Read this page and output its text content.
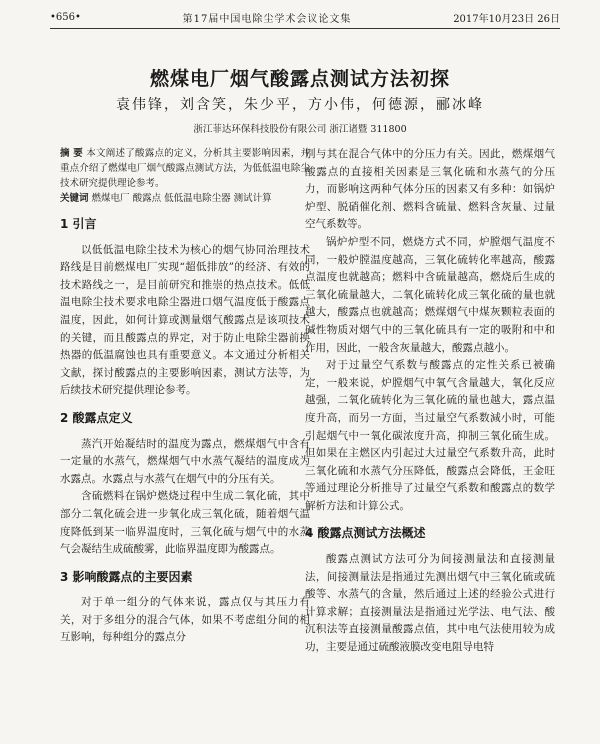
•656•	第17届中国电除尘学术会议论文集	2017年10月23日 26日
燃煤电厂烟气酸露点测试方法初探
袁伟锋，刘含笑，朱少平，方小伟，何德源，郦冰峰
浙江菲达环保科技股份有限公司 浙江诸暨 311800

摘 要 本文阐述了酸露点的定义，分析其主要影响因素，并重点介绍了燃煤电厂烟气酸露点测试方法，为低低温电除尘技术研究提供理论参考。

关键词 燃煤电厂 酸露点 低低温电除尘器 测试计算

1 引言

以低低温电除尘技术为核心的烟气协同治理技术路线是目前燃煤电厂实现“超低排放”的经济、有效的技术路线之一，是目前研究和推崇的热点技术。低低温电除尘技术要求电除尘器进口烟气温度低于酸露点温度，因此，如何计算或测量烟气酸露点是该项技术的关键，而且酸露点的界定，对于防止电除尘器前换热器的低温腐蚀也具有重要意义。本文通过分析相关文献，探讨酸露点的主要影响因素，测试方法等，为后续技术研究提供理论参考。

2 酸露点定义

蒸汽开始凝结时的温度为露点，燃煤烟气中含有一定量的水蒸气，燃煤烟气中水蒸气凝结的温度成为水露点。水露点与水蒸气在烟气中的分压有关。

含硫燃料在锅炉燃烧过程中生成二氧化硫，其中部分二氧化硫会进一步氧化成三氧化硫，随着烟气温度降低到某一临界温度时，三氧化硫与烟气中的水蒸气会凝结生成硫酸雾，此临界温度即为酸露点。

3 影响酸露点的主要因素

对于单一组分的气体来说，露点仅与其压力有关，对于多组分的混合气体，如果不考虑组分间的相互影响，每种组分的露点分

别与其在混合气体中的分压力有关。因此，燃煤烟气酸露点的直接相关因素是三氧化硫和水蒸气的分压力，而影响这两种气体分压的因素又有多种：如锅炉炉型、脱硝催化剂、燃料含硫量、燃料含灰量、过量空气系数等。

锅炉炉型不同，燃烧方式不同，炉膛烟气温度不同，一般炉膛温度越高，三氧化硫转化率越高，酸露点温度也就越高；燃料中含硫量越高，燃烧后生成的三氧化硫量越大，二氧化硫转化成三氧化硫的量也就越大，酸露点也就越高；燃煤烟气中煤灰颗粒表面的碱性物质对烟气中的三氧化硫具有一定的吸附和中和作用，因此，一般含灰量越大，酸露点越小。

对于过量空气系数与酸露点的定性关系已被确定，一般来说，炉膛烟气中氧气含量越大，氧化反应越强，二氧化硫转化为三氧化硫的量也越大，露点温度升高，而另一方面，当过量空气系数減小时，可能引起烟气中一氧化碳浓度升高，抑制三氧化硫生成。但如果在主燃区内引起过大过量空气系数升高，此时三氧化硫和水蒸气分压降低，酸露点会降低，王金旺等通过理论分析推导了过量空气系数和酸露点的数学解析方法和计算公式。

4 酸露点测试方法概述

酸露点测试方法可分为间接测量法和直接测量法，间接测量法是指通过先测出烟气中三氧化硫或硫酸等、水蒸气的含量，然后通过上述的经验公式进行计算求解；直接测量法是指通过光学法、电气法、酸沉积法等直接测量酸露点值，其中电气法使用较为成功，主要是通过硫酸液膜改变电阻导电特
